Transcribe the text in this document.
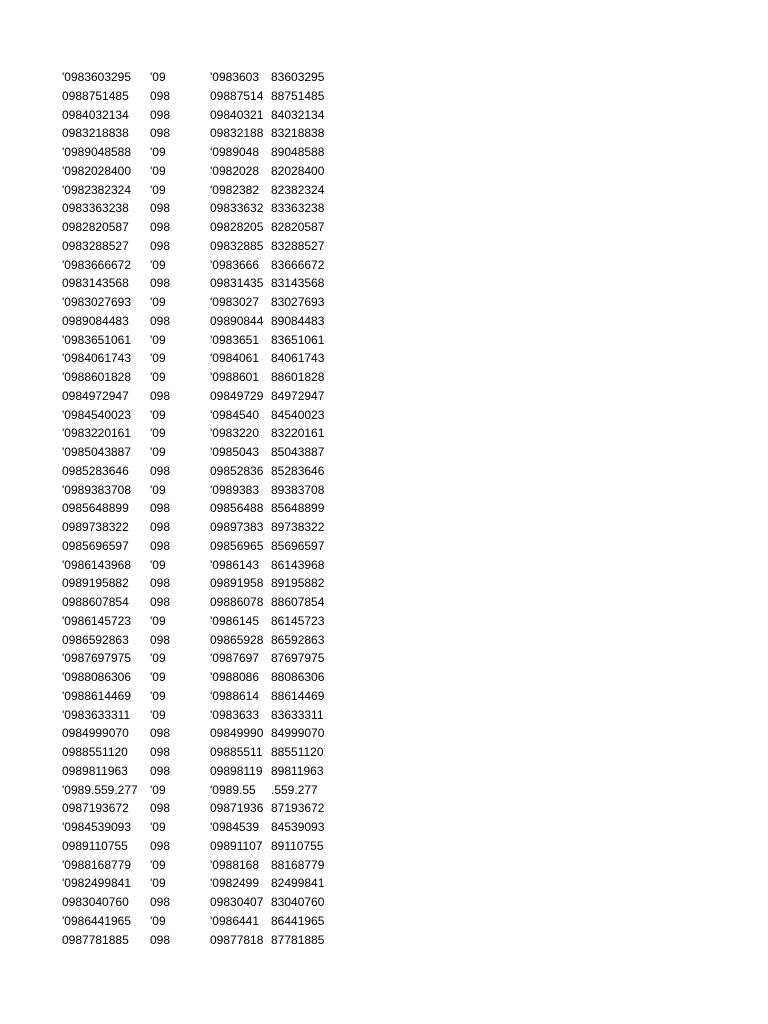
'0983603295 '09	'0983603 83603295
0988751485 098	09887514 88751485
0984032134 098	09840321 84032134
0983218838 098	09832188 83218838
'0989048588 '09	'0989048 89048588
'0982028400 '09	'0982028 82028400
'0982382324 '09	'0982382 82382324
0983363238 098	09833632 83363238
0982820587 098	09828205 82820587
0983288527 098	09832885 83288527
'0983666672 '09	'0983666 83666672
0983143568 098	09831435 83143568
'0983027693 '09	'0983027 83027693
0989084483 098	09890844 89084483
'0983651061 '09	'0983651 83651061
'0984061743 '09	'0984061 84061743
'0988601828 '09	'0988601 88601828
0984972947 098	09849729 84972947
'0984540023 '09	'0984540 84540023
'0983220161 '09	'0983220 83220161
'0985043887 '09	'0985043 85043887
0985283646 098	09852836 85283646
'0989383708 '09	'0989383 89383708
0985648899 098	09856488 85648899
0989738322 098	09897383 89738322
0985696597 098	09856965 85696597
'0986143968 '09	'0986143 86143968
0989195882 098	09891958 89195882
0988607854 098	09886078 88607854
'0986145723 '09	'0986145 86145723
0986592863 098	09865928 86592863
'0987697975 '09	'0987697 87697975
'0988086306 '09	'0988086 88086306
'0988614469 '09	'0988614 88614469
'0983633311 '09	'0983633 83633311
0984999070 098	09849990 84999070
0988551120 098	09885511 88551120
0989811963 098	09898119 89811963
'0989.559.277 '09	'0989.55 .559.277
0987193672 098	09871936 87193672
'0984539093 '09	'0984539 84539093
0989110755 098	09891107 89110755
'0988168779 '09	'0988168 88168779
'0982499841 '09	'0982499 82499841
0983040760 098	09830407 83040760
'0986441965 '09	'0986441 86441965
0987781885 098	09877818 87781885
